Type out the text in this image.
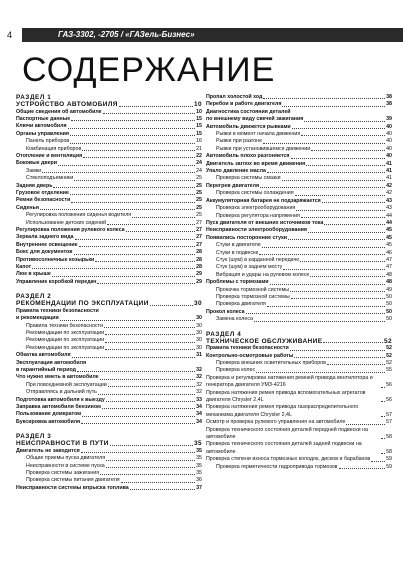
4	ГАЗ-3302, -2705 / «ГАЗель-Бизнес»
СОДЕРЖАНИЕ
РАЗДЕЛ 1
УСТРОЙСТВО АВТОМОБИЛЯ	10
Общие сведения об автомобиле	10
Паспортные данные	15
Ключи автомобиля	15
Органы управления	15
Панель приборов	16
Комбинация приборов	21
Отопление и вентиляция	22
Боковые двери	24
Замки	24
Стеклоподъемники	25
Задняя дверь	25
Грузовое отделение	25
Ремни безопасности	25
Сиденья	25
Регулировка положения сиденья водителя	25
Использование детских сидений	27
Регулировка положения рулевого колеса	27
Зеркала заднего вида	27
Внутреннее освещение	27
Бокс для документов	28
Противосолнечные козырьки	28
Капот	28
Люк в крыше	29
Управление коробкой передач	29
РАЗДЕЛ 2
РЕКОМЕНДАЦИИ ПО ЭКСПЛУАТАЦИИ	30
Правила техники безопасности
и рекомендации	30
Правила техники безопасности	30
Рекомендации по эксплуатации	30
Рекомендации по эксплуатации	30
Рекомендации по эксплуатации	30
Обкатка автомобиля	31
Эксплуатация автомобиля
в гарантийный период	32
Что нужно иметь в автомобиле	32
При повседневной эксплуатации	32
Отправляясь в дальний путь	32
Подготовка автомобиля к выезду	33
Заправка автомобиля бензином	34
Пользование домкратом	34
Буксировка автомобиля	34
РАЗДЕЛ 3
НЕИСПРАВНОСТИ В ПУТИ	35
Двигатель не заводится	35
Общие приемы пуска двигателя	35
Неисправности в системе пуска	35
Проверка системы зажигания	35
Проверка системы питания двигателя	36
Неисправности системы впрыска топлива	37
Пропал холостой ход	38
Перебои в работе двигателя	38
Диагностика состояния деталей
по внешнему виду свечей зажигания	39
Автомобиль движется рывками	40
Рывки в момент начала движения	40
Рывки при разгоне	40
Рывки при установившемся движении	40
Автомобиль плохо разгоняется	40
Двигатель заглох во время движения	41
Упало давление масла	41
Проверка системы смазки	41
Перегрев двигателя	42
Проверка системы охлаждения	42
Аккумуляторная батарея не подзаряжается	43
Проверка электрооборудования	43
Проверка регулятора напряжения	44
Пуск двигателя от внешних источников тока	44
Неисправности электрооборудования	45
Появились посторонние стуки	45
Стуки в двигателе	45
Стуки в подвеске	46
Стук (шум) в карданной передаче	47
Стук (шум) в заднем мосту	47
Вибрация и удары на рулевом колесе	48
Проблемы с тормозами	48
Прокачка тормозной системы	49
Проверка тормозной системы	50
Проверка двигателя	50
Прокол колеса	50
Замена колеса	50
РАЗДЕЛ 4
ТЕХНИЧЕСКОЕ ОБСЛУЖИВАНИЕ	52
Правила техники безопасности	52
Контрольно-осмотровые работы	52
Проверка внешних осветительных приборов	52
Проверка колес	55
Проверка и регулировка натяжения ремней привода вентилятора и генератора двигателя УМЗ-4216	56
Проверка натяжения ремня привода вспомогательных агрегатов двигателя Chrysler 2,4L	56
Проверка натяжения ремня привода газораспределительного механизма двигателя Chrysler 2,4L	57
Осмотр и проверка рулевого управления на автомобиле	57
Проверка технического состояния деталей передней подвески на автомобиле	58
Проверка технического состояния деталей задней подвески на автомобиле	58
Проверка степени износа тормозных колодок, дисков и барабанов	59
Проверка герметичности гидропривода тормозов	59
